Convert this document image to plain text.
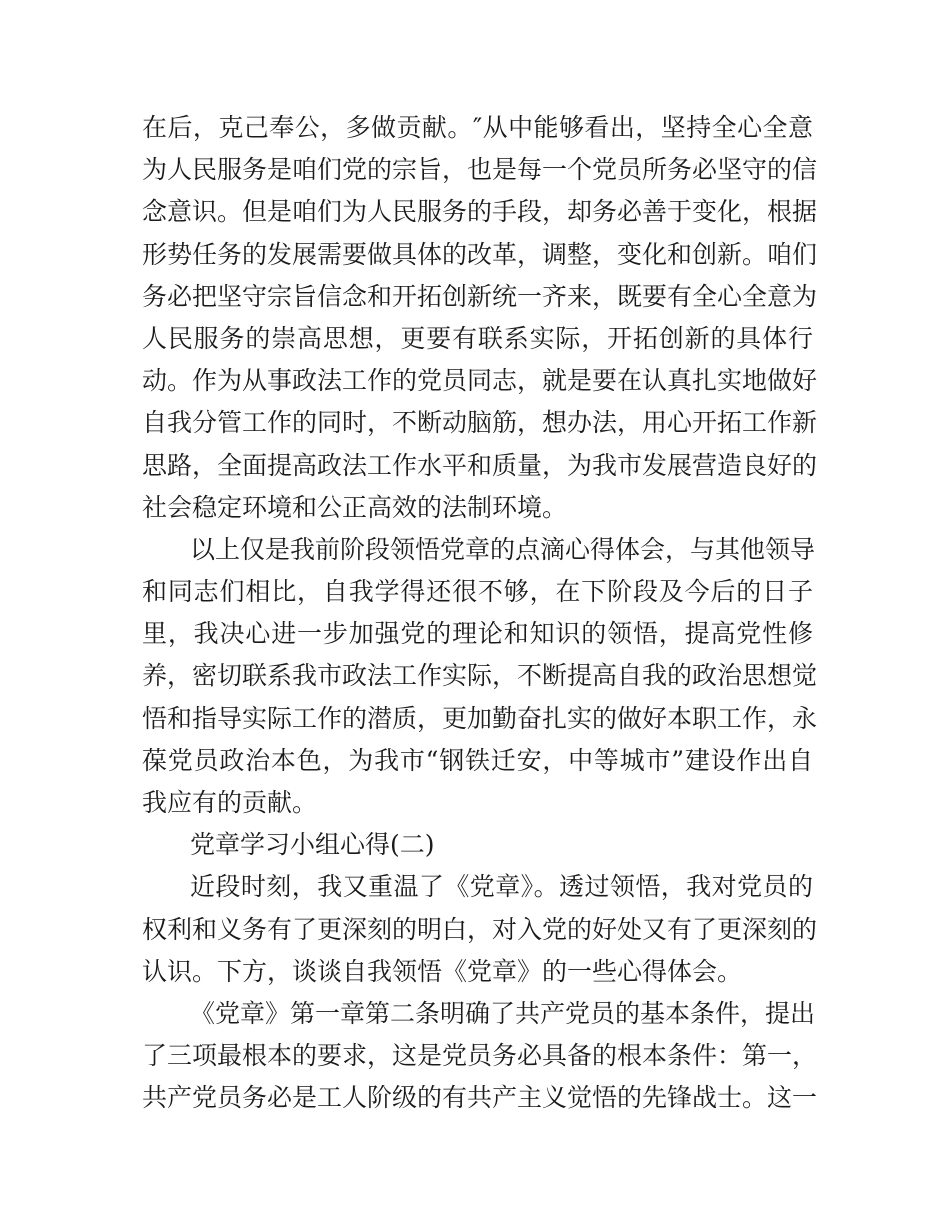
在后，克己奉公，多做贡献。″从中能够看出，坚持全心全意
为人民服务是咱们党的宗旨，也是每一个党员所务必坚守的信
念意识。但是咱们为人民服务的手段，却务必善于变化，根据
形势任务的发展需要做具体的改革，调整，变化和创新。咱们
务必把坚守宗旨信念和开拓创新统一齐来，既要有全心全意为
人民服务的崇高思想，更要有联系实际，开拓创新的具体行
动。作为从事政法工作的党员同志，就是要在认真扎实地做好
自我分管工作的同时，不断动脑筋，想办法，用心开拓工作新
思路，全面提高政法工作水平和质量，为我市发展营造良好的
社会稳定环境和公正高效的法制环境。
以上仅是我前阶段领悟党章的点滴心得体会，与其他领导
和同志们相比，自我学得还很不够，在下阶段及今后的日子
里，我决心进一步加强党的理论和知识的领悟，提高党性修
养，密切联系我市政法工作实际，不断提高自我的政治思想觉
悟和指导实际工作的潜质，更加勤奋扎实的做好本职工作，永
葆党员政治本色，为我市“钢铁迁安，中等城市”建设作出自
我应有的贡献。
党章学习小组心得(二)
近段时刻，我又重温了《党章》。透过领悟，我对党员的
权利和义务有了更深刻的明白，对入党的好处又有了更深刻的
认识。下方，谈谈自我领悟《党章》的一些心得体会。
《党章》第一章第二条明确了共产党员的基本条件，提出
了三项最根本的要求，这是党员务必具备的根本条件：第一，
共产党员务必是工人阶级的有共产主义觉悟的先锋战士。这一
